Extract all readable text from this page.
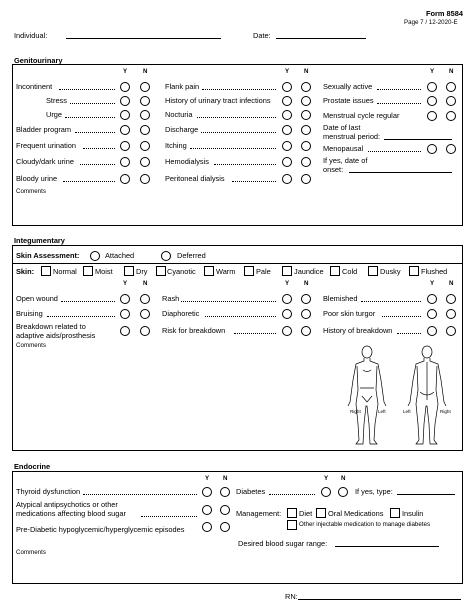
Form 8584
Page 7 / 12-2020-E
Individual:	Date:
Genitourinary
Y	N	Y N	Y N
Incontinent
Stress
Urge
Bladder program
Frequent urination
Cloudy/dark urine
Bloody urine
Flank pain
History of urinary tract infections
Nocturia
Discharge
Itching
Hemodialysis
Peritoneal dialysis
Sexually active
Prostate issues
Menstrual cycle regular
Date of last
menstrual period:
Menopausal
If yes, date of
onset:
Comments
Integumentary
Skin Assessment:	Attached	Deferred
Skin:	Normal Moist	Dry	Cyanotic	Warm	Pale	Jaundice Cold	Dusky	Flushed
Y	N	Y N	Y N
Open wound
Bruising
Breakdown related to
adaptive aids/prosthesis
Rash
Diaphoretic
Risk for breakdown
Blemished
Poor skin turgor
History of breakdown
Comments
Right	Left	Left	Right
Endocrine
Y N	Y N
Thyroid dysfunction
Atypical antipsychotics or other
medications affecting blood sugar
Pre-Diabetic hypoglycemic/hyperglycemic episodes
Diabetes	If yes, type:
Management: Diet Oral Medications	Insulin
Other injectable medication to manage diabetes
Desired blood sugar range:
Comments
RN:
